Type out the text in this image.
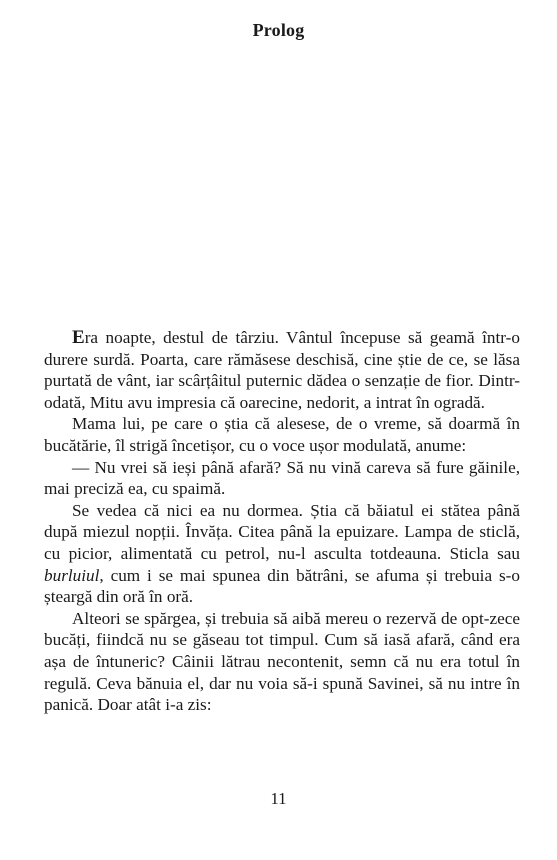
Prolog

Era noapte, destul de târziu. Vântul începuse să geamă într-o durere surdă. Poarta, care rămăsese deschisă, cine știe de ce, se lăsa purtată de vânt, iar scârțâitul puternic dădea o senzație de fior. Dintr-odată, Mitu avu impresia că oarecine, nedorit, a intrat în ogradă.

Mama lui, pe care o știa că alesese, de o vreme, să doarmă în bucătărie, îl strigă încetișor, cu o voce ușor modulată, anume:

— Nu vrei să ieși până afară? Să nu vină careva să fure găinile, mai preciză ea, cu spaimă.

Se vedea că nici ea nu dormea. Știa că băiatul ei stătea până după miezul nopții. Învăța. Citea până la epuizare. Lampa de sticlă, cu picior, alimentată cu petrol, nu-l asculta totdeauna. Sticla sau burluiul, cum i se mai spunea din bătrâni, se afuma și trebuia s-o șteargă din oră în oră.

Alteori se spărgea, și trebuia să aibă mereu o rezervă de opt-zece bucăți, fiindcă nu se găseau tot timpul. Cum să iasă afară, când era așa de întuneric? Câinii lătrau necontenit, semn că nu era totul în regulă. Ceva bănuia el, dar nu voia să-i spună Savinei, să nu intre în panică. Doar atât i-a zis:

11
